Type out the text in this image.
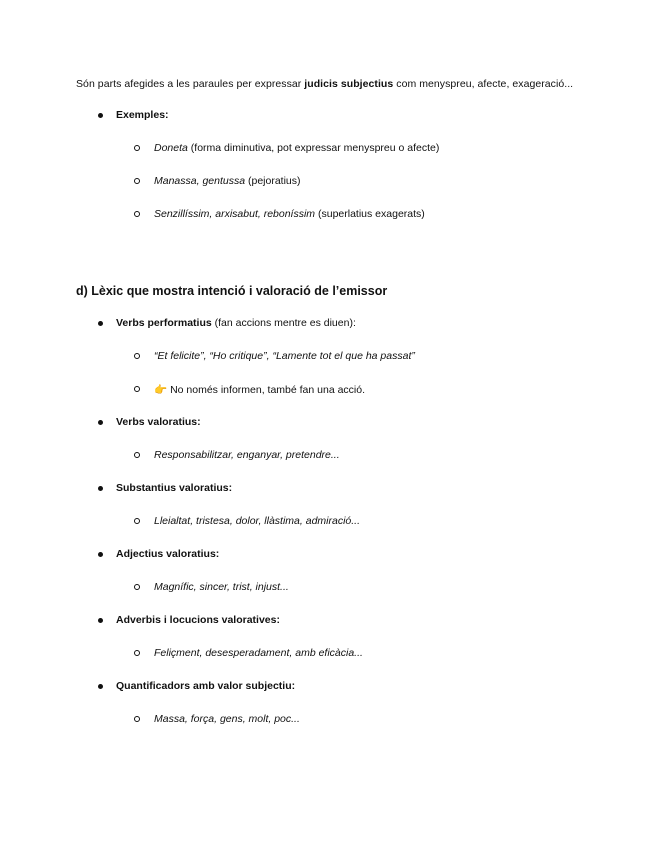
Són parts afegides a les paraules per expressar judicis subjectius com menyspreu, afecte, exageració...
Exemples:
Doneta (forma diminutiva, pot expressar menyspreu o afecte)
Manassa, gentussa (pejoratius)
Senzillíssim, arxisabut, reboníssim (superlatius exagerats)
d) Lèxic que mostra intenció i valoració de l’emissor
Verbs performatius (fan accions mentre es diuen):
“Et felicite”, “Ho critique”, “Lamente tot el que ha passat”
👉 No només informen, també fan una acció.
Verbs valoratius:
Responsabilitzar, enganyar, pretendre...
Substantius valoratius:
Lleialtat, tristesa, dolor, llàstima, admiració...
Adjectius valoratius:
Magnífic, sincer, trist, injust...
Adverbis i locucions valoratives:
Feliçment, desesperadament, amb eficàcia...
Quantificadors amb valor subjectiu:
Massa, força, gens, molt, poc...
